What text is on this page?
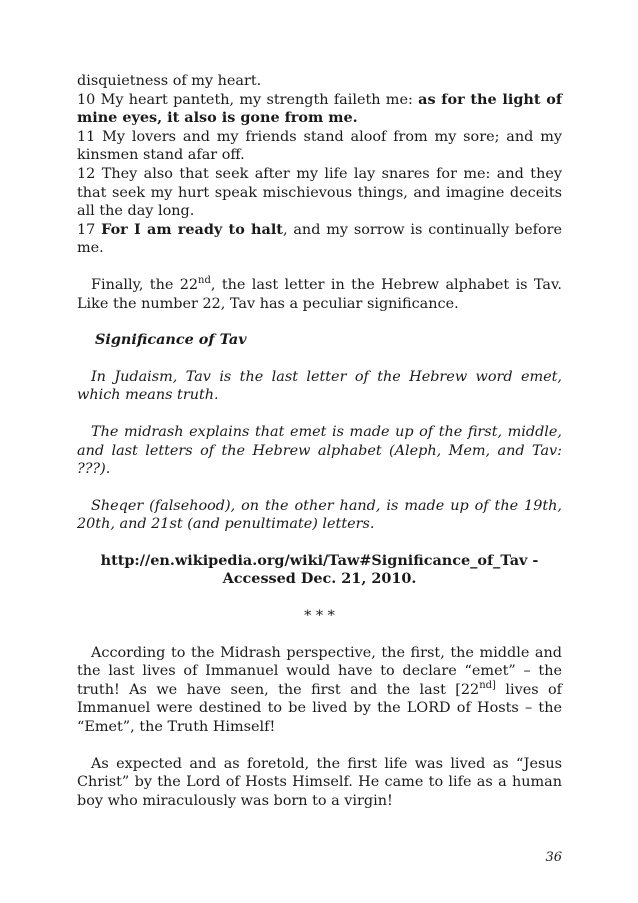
disquietness of my heart.

10 My heart panteth, my strength faileth me: as for the light of mine eyes, it also is gone from me.

11 My lovers and my friends stand aloof from my sore; and my kinsmen stand afar off.

12 They also that seek after my life lay snares for me: and they that seek my hurt speak mischievous things, and imagine deceits all the day long.

17 For I am ready to halt, and my sorrow is continually before me.

Finally, the 22nd, the last letter in the Hebrew alphabet is Tav. Like the number 22, Tav has a peculiar significance.

Significance of Tav

In Judaism, Tav is the last letter of the Hebrew word emet, which means truth.

The midrash explains that emet is made up of the first, middle, and last letters of the Hebrew alphabet (Aleph, Mem, and Tav: ???).

Sheqer (falsehood), on the other hand, is made up of the 19th, 20th, and 21st (and penultimate) letters.

http://en.wikipedia.org/wiki/Taw#Significance_of_Tav - Accessed Dec. 21, 2010.

* * *

According to the Midrash perspective, the first, the middle and the last lives of Immanuel would have to declare “emet” – the truth! As we have seen, the first and the last [$22^{nd]}$ lives of Immanuel were destined to be lived by the LORD of Hosts – the “Emet”, the Truth Himself!

As expected and as foretold, the first life was lived as “Jesus Christ” by the Lord of Hosts Himself. He came to life as a human boy who miraculously was born to a virgin!

36
